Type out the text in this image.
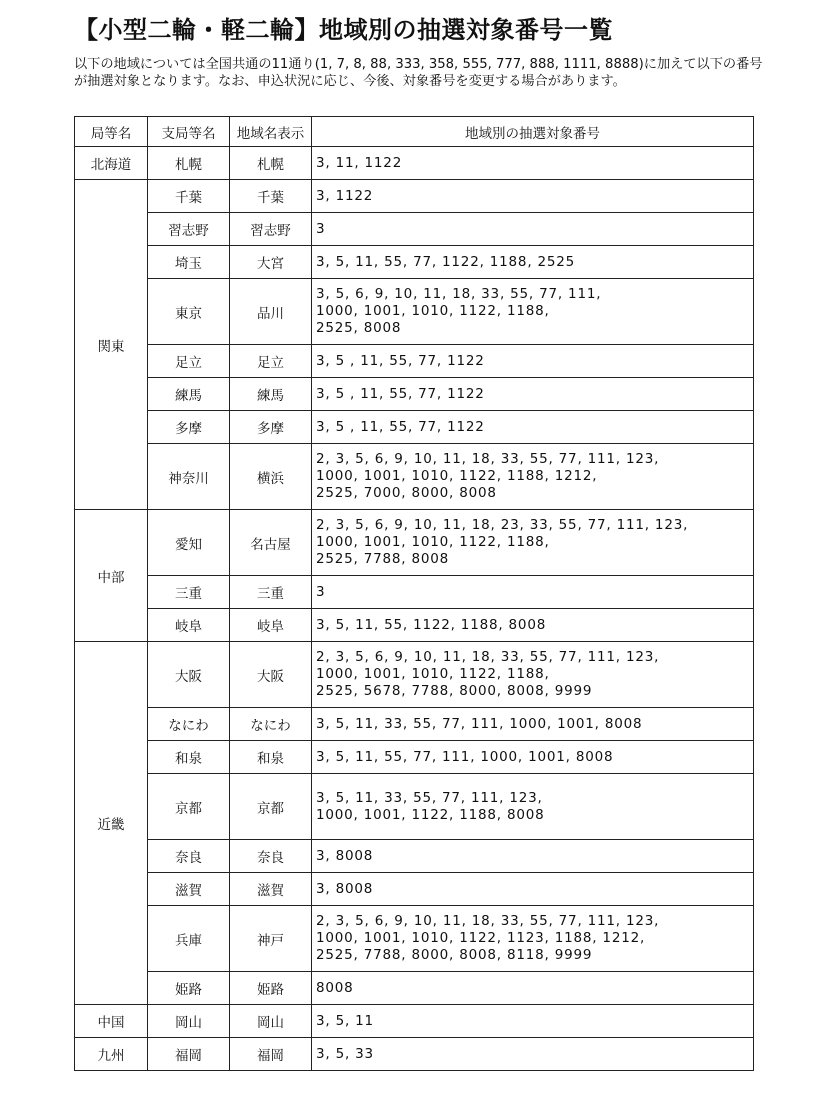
【小型二輪・軽二輪】地域別の抽選対象番号一覧

以下の地域については全国共通の11通り(1, 7, 8, 88, 333, 358, 555, 777, 888, 1111, 8888)に加えて以下の番号が抽選対象となります。なお、申込状況に応じ、今後、対象番号を変更する場合があります。

局等名	支局等名	地域名表示	地域別の抽選対象番号
北海道	札幌	札幌	3, 11, 1122

関東	千葉	千葉	3, 1122

	習志野	習志野	3

	埼玉	大宮	3, 5, 11, 55, 77, 1122, 1188, 2525

	東京	品川	3, 5, 6, 9, 10, 11, 18, 33, 55, 77, 111,
1000, 1001, 1010, 1122, 1188,
2525, 8008

	足立	足立	3, 5 , 11, 55, 77, 1122

	練馬	練馬	3, 5 , 11, 55, 77, 1122

	多摩	多摩	3, 5 , 11, 55, 77, 1122

	神奈川	横浜	2, 3, 5, 6, 9, 10, 11, 18, 33, 55, 77, 111, 123,
1000, 1001, 1010, 1122, 1188, 1212,
2525, 7000, 8000, 8008

中部	愛知	名古屋	2, 3, 5, 6, 9, 10, 11, 18, 23, 33, 55, 77, 111, 123,
1000, 1001, 1010, 1122, 1188,
2525, 7788, 8008

	三重	三重	3

	岐阜	岐阜	3, 5, 11, 55, 1122, 1188, 8008

近畿	大阪	大阪	2, 3, 5, 6, 9, 10, 11, 18, 33, 55, 77, 111, 123,
1000, 1001, 1010, 1122, 1188,
2525, 5678, 7788, 8000, 8008, 9999

	なにわ	なにわ	3, 5, 11, 33, 55, 77, 111, 1000, 1001, 8008

	和泉	和泉	3, 5, 11, 55, 77, 111, 1000, 1001, 8008

	京都	京都	3, 5, 11, 33, 55, 77, 111, 123,
1000, 1001, 1122, 1188, 8008

	奈良	奈良	3, 8008

	滋賀	滋賀	3, 8008

	兵庫	神戸	2, 3, 5, 6, 9, 10, 11, 18, 33, 55, 77, 111, 123,
1000, 1001, 1010, 1122, 1123, 1188, 1212,
2525, 7788, 8000, 8008, 8118, 9999

	姫路	姫路	8008

中国	岡山	岡山	3, 5, 11

九州	福岡	福岡	3, 5, 33
